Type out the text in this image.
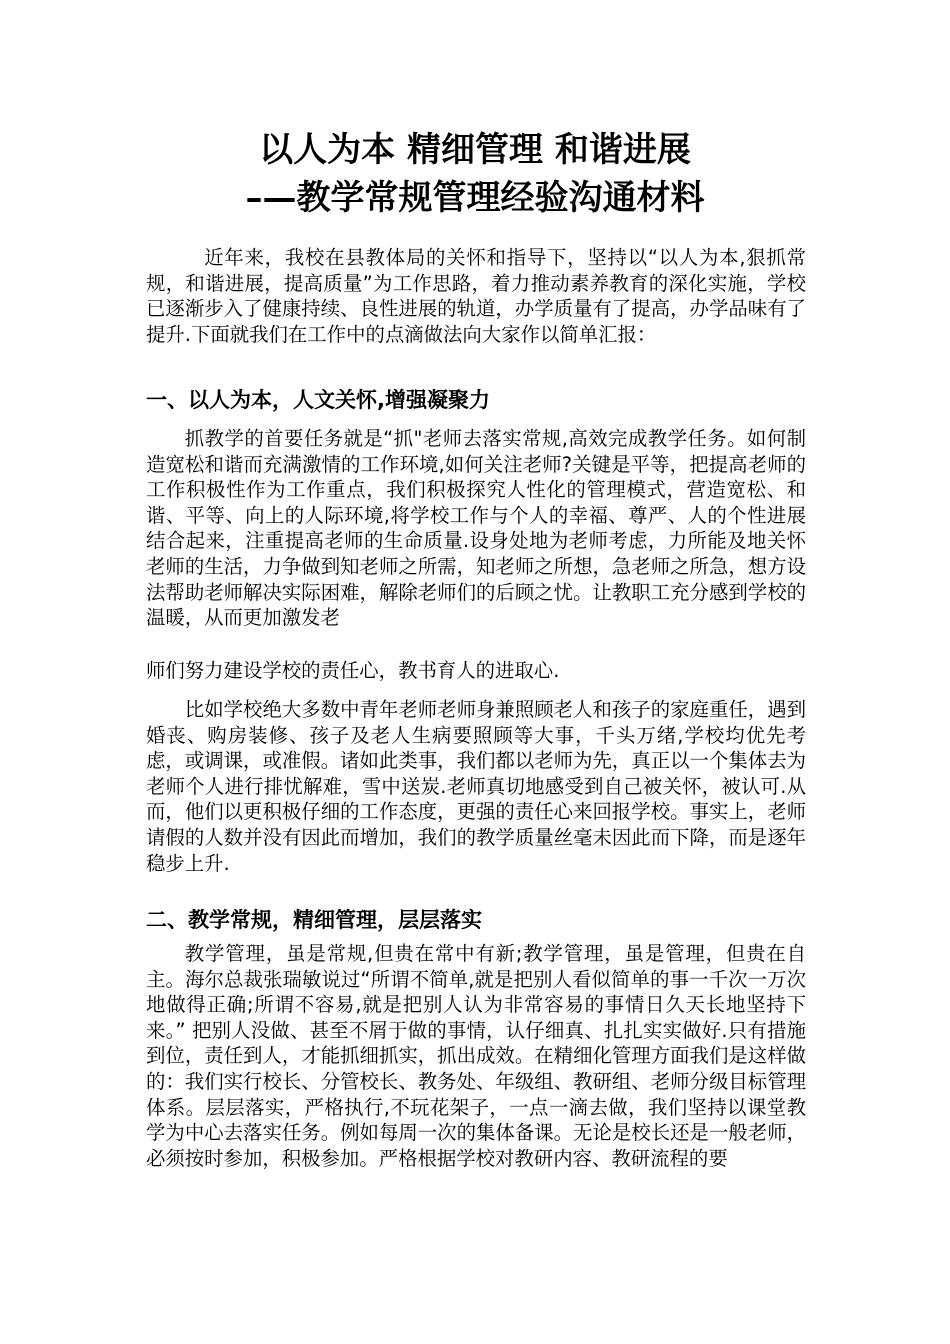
以人为本 精细管理 和谐进展
–—教学常规管理经验沟通材料

近年来，我校在县教体局的关怀和指导下，坚持以“以人为本,狠抓常规，和谐进展，提高质量”为工作思路，着力推动素养教育的深化实施，学校已逐渐步入了健康持续、良性进展的轨道，办学质量有了提高，办学品味有了提升.下面就我们在工作中的点滴做法向大家作以简单汇报：

一、以人为本，人文关怀,增强凝聚力

抓教学的首要任务就是“抓"老师去落实常规,高效完成教学任务。如何制造宽松和谐而充满激情的工作环境,如何关注老师?关键是平等，把提高老师的工作积极性作为工作重点，我们积极探究人性化的管理模式，营造宽松、和谐、平等、向上的人际环境,将学校工作与个人的幸福、尊严、人的个性进展结合起来，注重提高老师的生命质量.设身处地为老师考虑，力所能及地关怀老师的生活，力争做到知老师之所需，知老师之所想，急老师之所急，想方设法帮助老师解决实际困难，解除老师们的后顾之忧。让教职工充分感到学校的温暖，从而更加激发老

师们努力建设学校的责任心，教书育人的进取心.

比如学校绝大多数中青年老师老师身兼照顾老人和孩子的家庭重任，遇到婚丧、购房装修、孩子及老人生病要照顾等大事，千头万绪,学校均优先考虑，或调课，或准假。诸如此类事，我们都以老师为先，真正以一个集体去为老师个人进行排忧解难，雪中送炭.老师真切地感受到自己被关怀，被认可.从而，他们以更积极仔细的工作态度，更强的责任心来回报学校。事实上，老师请假的人数并没有因此而增加，我们的教学质量丝毫未因此而下降，而是逐年稳步上升.

二、教学常规，精细管理，层层落实

教学管理，虽是常规,但贵在常中有新;教学管理，虽是管理，但贵在自主。海尔总裁张瑞敏说过“所谓不简单,就是把别人看似简单的事一千次一万次地做得正确;所谓不容易,就是把别人认为非常容易的事情日久天长地坚持下来。” 把别人没做、甚至不屑于做的事情，认仔细真、扎扎实实做好.只有措施到位，责任到人，才能抓细抓实，抓出成效。在精细化管理方面我们是这样做的：我们实行校长、分管校长、教务处、年级组、教研组、老师分级目标管理体系。层层落实，严格执行,不玩花架子，一点一滴去做，我们坚持以课堂教学为中心去落实任务。例如每周一次的集体备课。无论是校长还是一般老师，必须按时参加，积极参加。严格根据学校对教研内容、教研流程的要
